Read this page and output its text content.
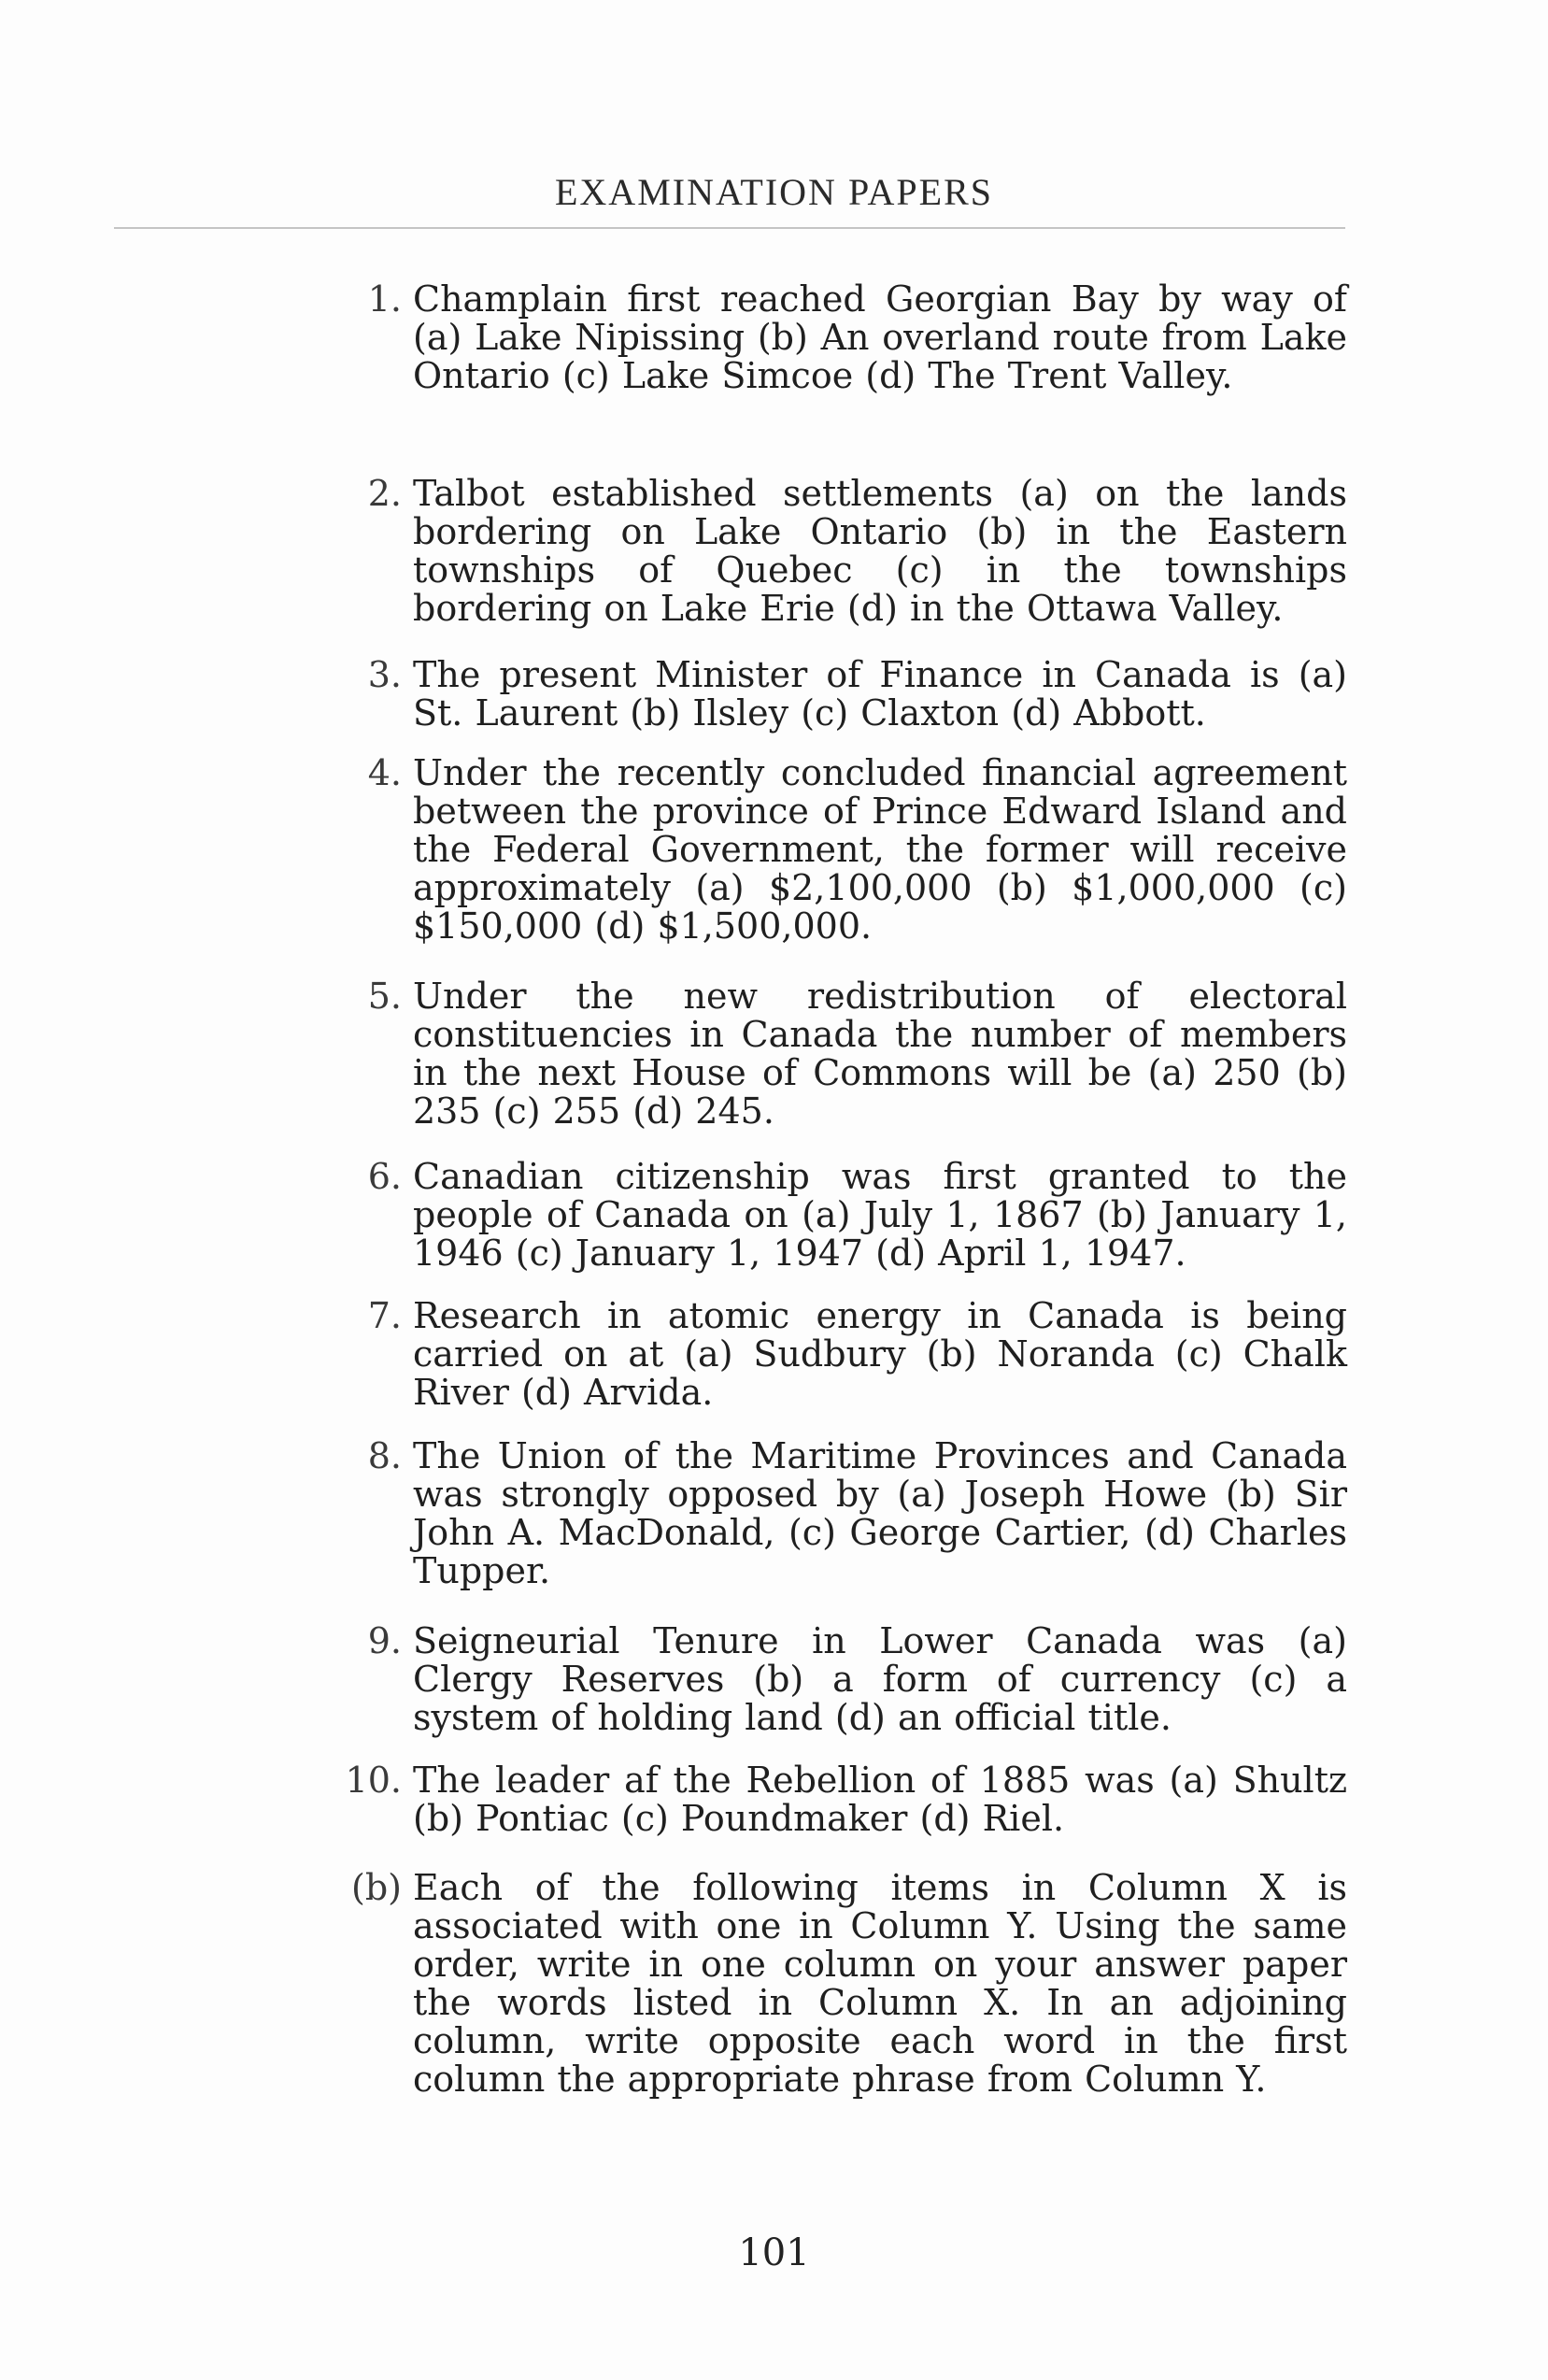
EXAMINATION PAPERS
1. Champlain first reached Georgian Bay by way of (a) Lake Nipissing (b) An overland route from Lake Ontario (c) Lake Simcoe (d) The Trent Valley.
2. Talbot established settlements (a) on the lands bordering on Lake Ontario (b) in the Eastern townships of Quebec (c) in the townships bordering on Lake Erie (d) in the Ottawa Valley.
3. The present Minister of Finance in Canada is (a) St. Laurent (b) Ilsley (c) Claxton (d) Abbott.
4. Under the recently concluded financial agreement between the province of Prince Edward Island and the Federal Government, the former will receive approximately (a) $2,100,000 (b) $1,000,000 (c) $150,000 (d) $1,500,000.
5. Under the new redistribution of electoral constituencies in Canada the number of members in the next House of Commons will be (a) 250 (b) 235 (c) 255 (d) 245.
6. Canadian citizenship was first granted to the people of Canada on (a) July 1, 1867 (b) January 1, 1946 (c) January 1, 1947 (d) April 1, 1947.
7. Research in atomic energy in Canada is being carried on at (a) Sudbury (b) Noranda (c) Chalk River (d) Arvida.
8. The Union of the Maritime Provinces and Canada was strongly opposed by (a) Joseph Howe (b) Sir John A. MacDonald, (c) George Cartier, (d) Charles Tupper.
9. Seigneurial Tenure in Lower Canada was (a) Clergy Reserves (b) a form of currency (c) a system of holding land (d) an official title.
10. The leader af the Rebellion of 1885 was (a) Shultz (b) Pontiac (c) Poundmaker (d) Riel.
(b) Each of the following items in Column X is associated with one in Column Y. Using the same order, write in one column on your answer paper the words listed in Column X. In an adjoining column, write opposite each word in the first column the appropriate phrase from Column Y.
101
